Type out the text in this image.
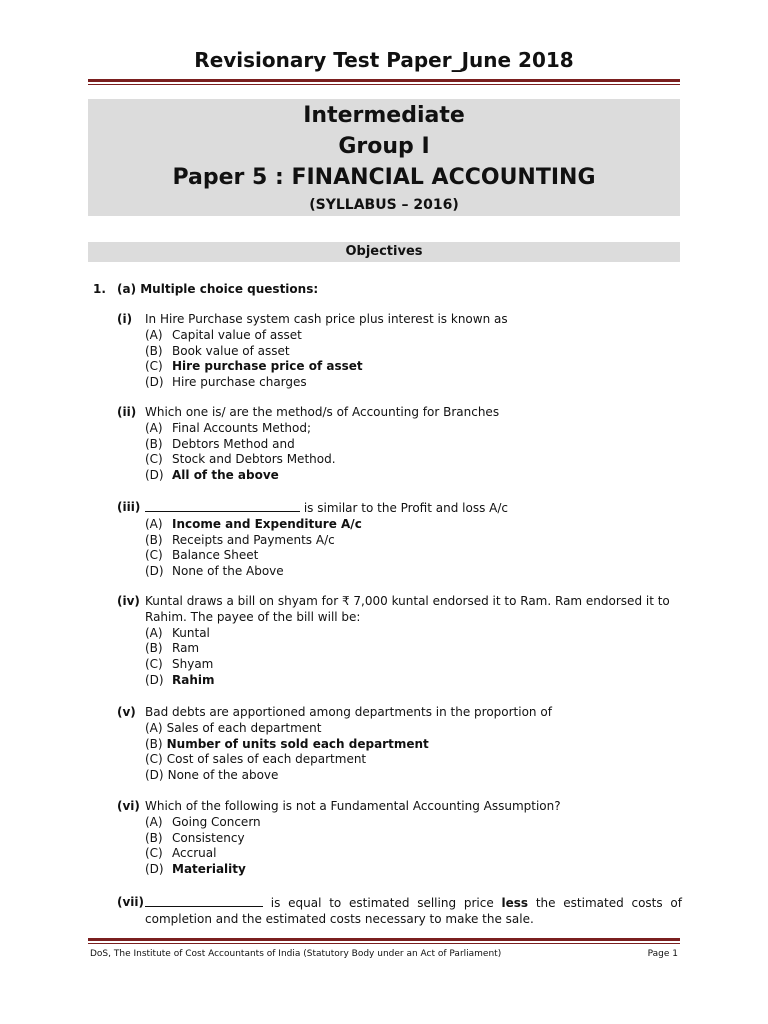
Revisionary Test Paper_June 2018
Intermediate
Group I
Paper 5 : FINANCIAL ACCOUNTING
(SYLLABUS – 2016)
Objectives
1. (a) Multiple choice questions:
(i) In Hire Purchase system cash price plus interest is known as
(A) Capital value of asset
(B) Book value of asset
(C) Hire purchase price of asset
(D) Hire purchase charges
(ii) Which one is/ are the method/s of Accounting for Branches
(A) Final Accounts Method;
(B) Debtors Method and
(C) Stock and Debtors Method.
(D) All of the above
(iii)	is similar to the Profit and loss A/c
(A) Income and Expenditure A/c
(B) Receipts and Payments A/c
(C) Balance Sheet
(D) None of the Above
(iv) Kuntal draws a bill on shyam for ₹ 7,000 kuntal endorsed it to Ram. Ram endorsed it to Rahim. The payee of the bill will be:
(A) Kuntal
(B) Ram
(C) Shyam
(D) Rahim
(v) Bad debts are apportioned among departments in the proportion of
(A) Sales of each department
(B) Number of units sold each department
(C) Cost of sales of each department
(D) None of the above
(vi) Which of the following is not a Fundamental Accounting Assumption?
(A) Going Concern
(B) Consistency
(C) Accrual
(D) Materiality
(vii)	is equal to estimated selling price less the estimated costs of completion and the estimated costs necessary to make the sale.
DoS, The Institute of Cost Accountants of India (Statutory Body under an Act of Parliament)	Page 1
